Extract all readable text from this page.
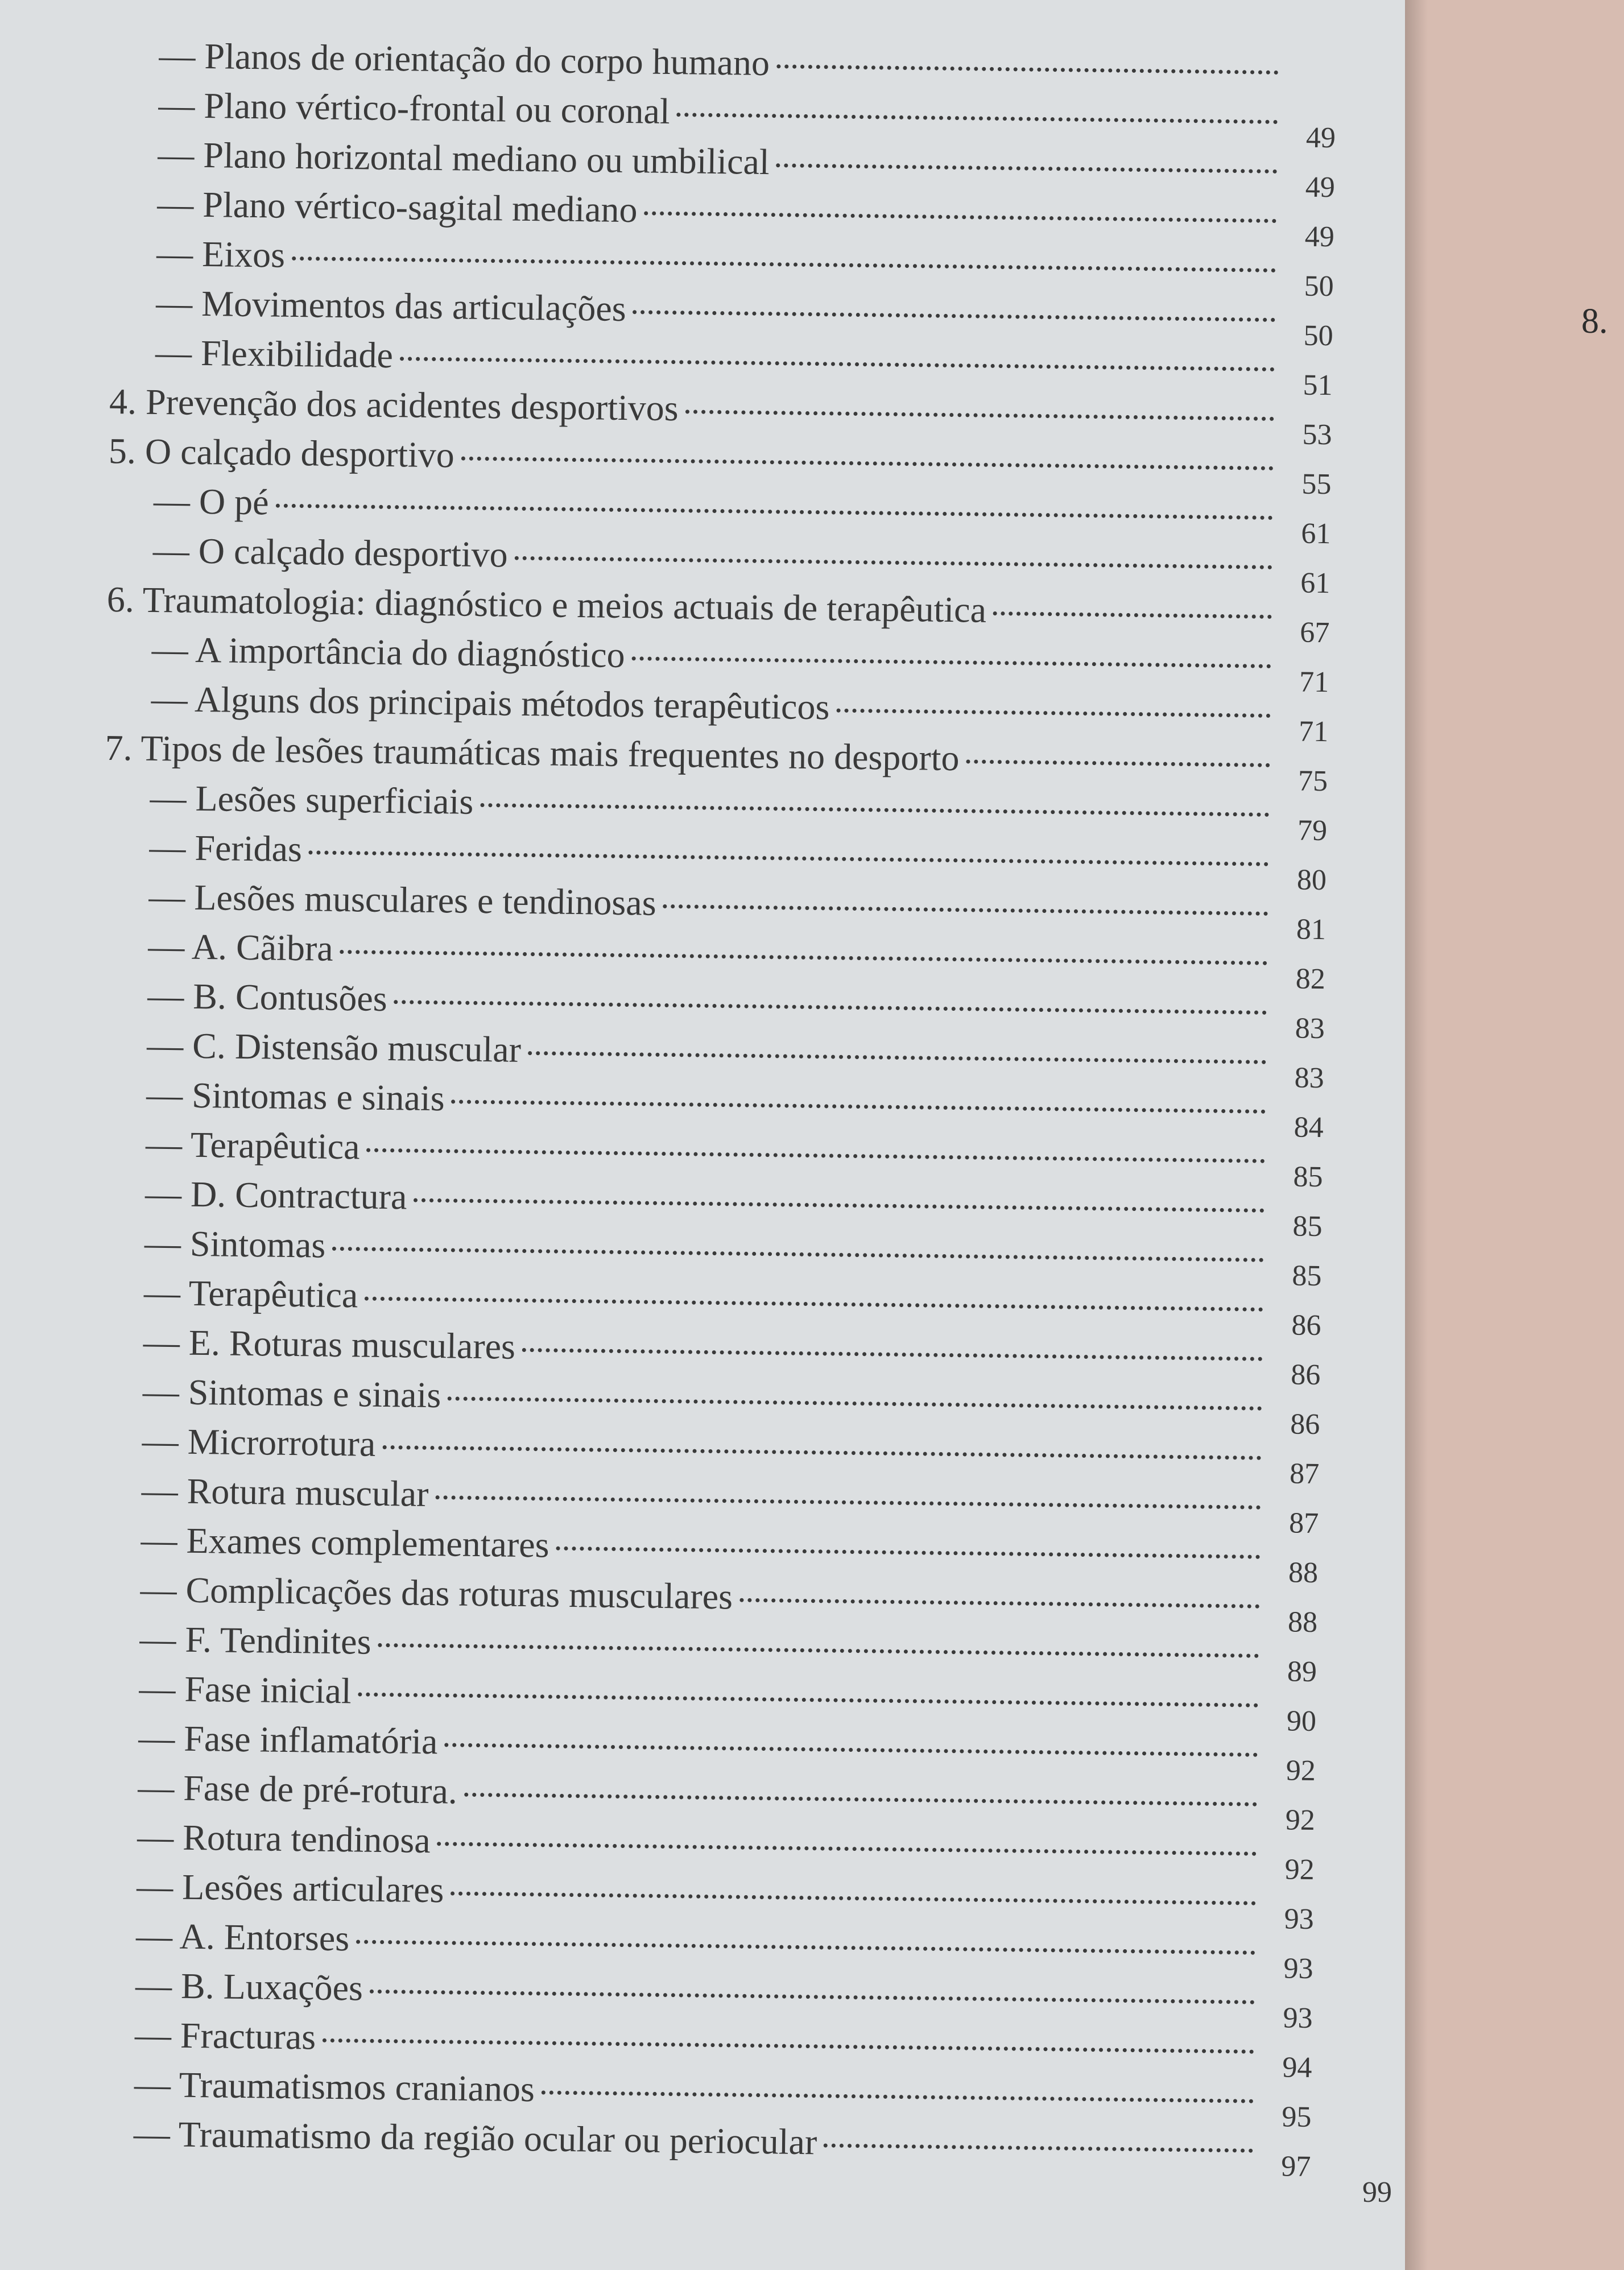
— Planos de orientação do corpo humano
— Plano vértico-frontal ou coronal
49
— Plano horizontal mediano ou umbilical
49
— Plano vértico-sagital mediano
49
— Eixos
50
— Movimentos das articulações
50
— Flexibilidade
51
4. Prevenção dos acidentes desportivos
53
5. O calçado desportivo
55
— O pé
61
— O calçado desportivo
61
6. Traumatologia: diagnóstico e meios actuais de terapêutica
67
— A importância do diagnóstico
71
— Alguns dos principais métodos terapêuticos
71
7. Tipos de lesões traumáticas mais frequentes no desporto
75
— Lesões superficiais
79
— Feridas
80
— Lesões musculares e tendinosas
81
— A. Cãibra
82
— B. Contusões
83
— C. Distensão muscular
83
— Sintomas e sinais
84
— Terapêutica
85
— D. Contractura
85
— Sintomas
85
— Terapêutica
86
— E. Roturas musculares
86
— Sintomas e sinais
86
— Microrrotura
87
— Rotura muscular
87
— Exames complementares
88
— Complicações das roturas musculares
88
— F. Tendinites
89
— Fase inicial
90
— Fase inflamatória
92
— Fase de pré-rotura.
92
— Rotura tendinosa
92
— Lesões articulares
93
— A. Entorses
93
— B. Luxações
93
— Fracturas
94
— Traumatismos cranianos
95
— Traumatismo da região ocular ou periocular
97
8.
99
